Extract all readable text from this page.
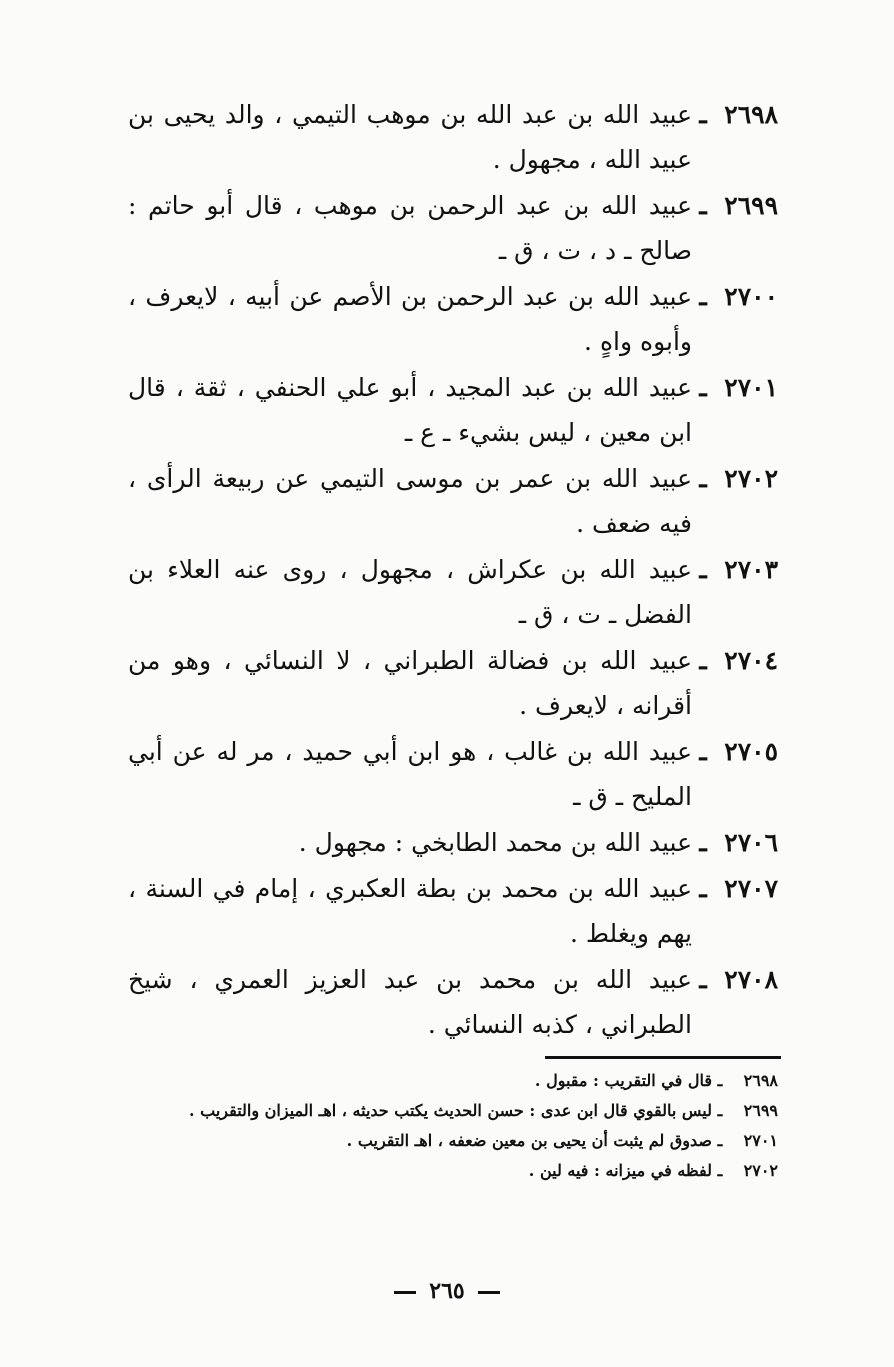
٢٦٩٨
ـ
عبيد الله بن عبد الله بن موهب التيمي ، والد يحيى بن عبيد الله ، مجهول .
٢٦٩٩
ـ
عبيد الله بن عبد الرحمن بن موهب ، قال أبو حاتم : صالح ـ د ، ت ، ق ـ
٢٧٠٠
ـ
عبيد الله بن عبد الرحمن بن الأصم عن أبيه ، لايعرف ، وأبوه واهٍ .
٢٧٠١
ـ
عبيد الله بن عبد المجيد ، أبو علي الحنفي ، ثقة ، قال ابن معين ، ليس بشيء ـ ع ـ
٢٧٠٢
ـ
عبيد الله بن عمر بن موسى التيمي عن ربيعة الرأى ، فيه ضعف .
٢٧٠٣
ـ
عبيد الله بن عكراش ، مجهول ، روى عنه العلاء بن الفضل ـ ت ، ق ـ
٢٧٠٤
ـ
عبيد الله بن فضالة الطبراني ، لا النسائي ، وهو من أقرانه ، لايعرف .
٢٧٠٥
ـ
عبيد الله بن غالب ، هو ابن أبي حميد ، مر له عن أبي المليح ـ ق ـ
٢٧٠٦
ـ
عبيد الله بن محمد الطابخي : مجهول .
٢٧٠٧
ـ
عبيد الله بن محمد بن بطة العكبري ، إمام في السنة ، يهم ويغلط .
٢٧٠٨
ـ
عبيد الله بن محمد بن عبد العزيز العمري ، شيخ الطبراني ، كذبه النسائي .
٢٦٩٨
ـ
قال في التقريب : مقبول .
٢٦٩٩
ـ
ليس بالقوي قال ابن عدى : حسن الحديث يكتب حديثه ، اهـ الميزان والتقريب .
٢٧٠١
ـ
صدوق لم يثبت أن يحيى بن معين ضعفه ، اهـ التقريب .
٢٧٠٢
ـ
لفظه في ميزانه : فيه لين .
٢٦٥
